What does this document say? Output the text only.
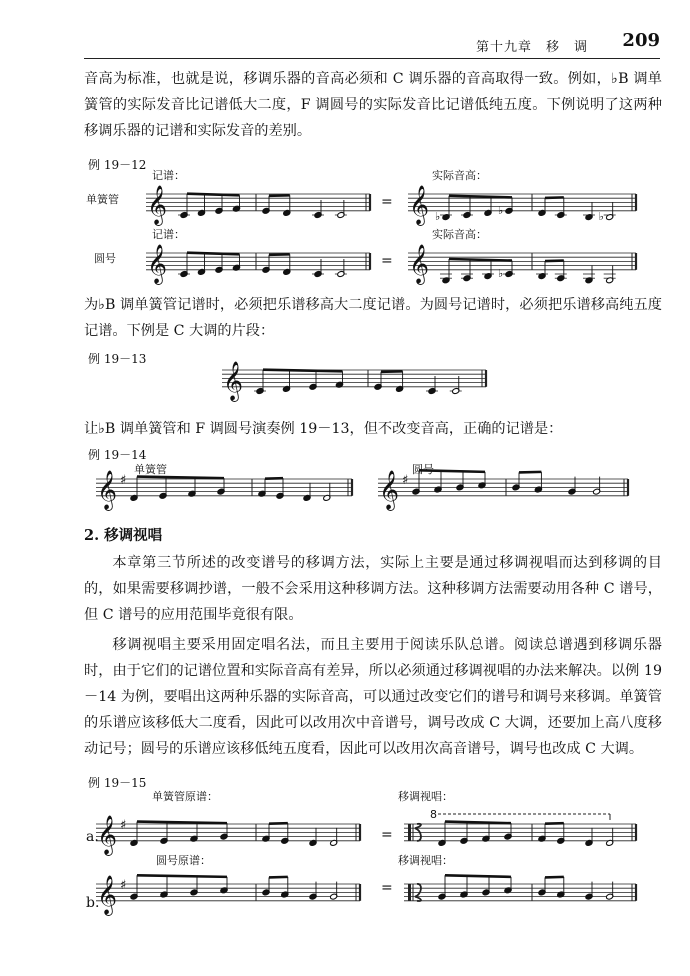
第十九章　移　调 209

音高为标准，也就是说，移调乐器的音高必须和 C 调乐器的音高取得一致。例如，♭B 调单簧管的实际发音比记谱低大二度，F 调圆号的实际发音比记谱低纯五度。下例说明了这两种移调乐器的记谱和实际发音的差别。

例 19－12

为♭B 调单簧管记谱时，必须把乐谱移高大二度记谱。为圆号记谱时，必须把乐谱移高纯五度记谱。下例是 C 大调的片段：

例 19－13

让♭B 调单簧管和 F 调圆号演奏例 19－13，但不改变音高，正确的记谱是：

例 19－14
2. 移调视唱

本章第三节所述的改变谱号的移调方法，实际上主要是通过移调视唱而达到移调的目的，如果需要移调抄谱，一般不会采用这种移调方法。这种移调方法需要动用各种 C 谱号，但 C 谱号的应用范围毕竟很有限。

移调视唱主要采用固定唱名法，而且主要用于阅读乐队总谱。阅读总谱遇到移调乐器时，由于它们的记谱位置和实际音高有差异，所以必须通过移调视唱的办法来解决。以例 19－14 为例，要唱出这两种乐器的实际音高，可以通过改变它们的谱号和调号来移调。单簧管的乐谱应该移低大二度看，因此可以改用次中音谱号，调号改成 C 大调，还要加上高八度移动记号；圆号的乐谱应该移低纯五度看，因此可以改用次高音谱号，调号也改成 C 大调。

例 19－15
𝄞	𝄞
𝄞	𝄞
𝄞
𝄞 ♯	𝄞 ♯
𝄞 ♯
𝄞 ♯
♭	♭	♭
♭
记谱：	实际音高：
单簧管	=
记谱：	实际音高：
圆号	=
单簧管	圆号
单簧管原谱：	移调视唱：
8
a.	=
圆号原谱：	移调视唱：
b.
=
